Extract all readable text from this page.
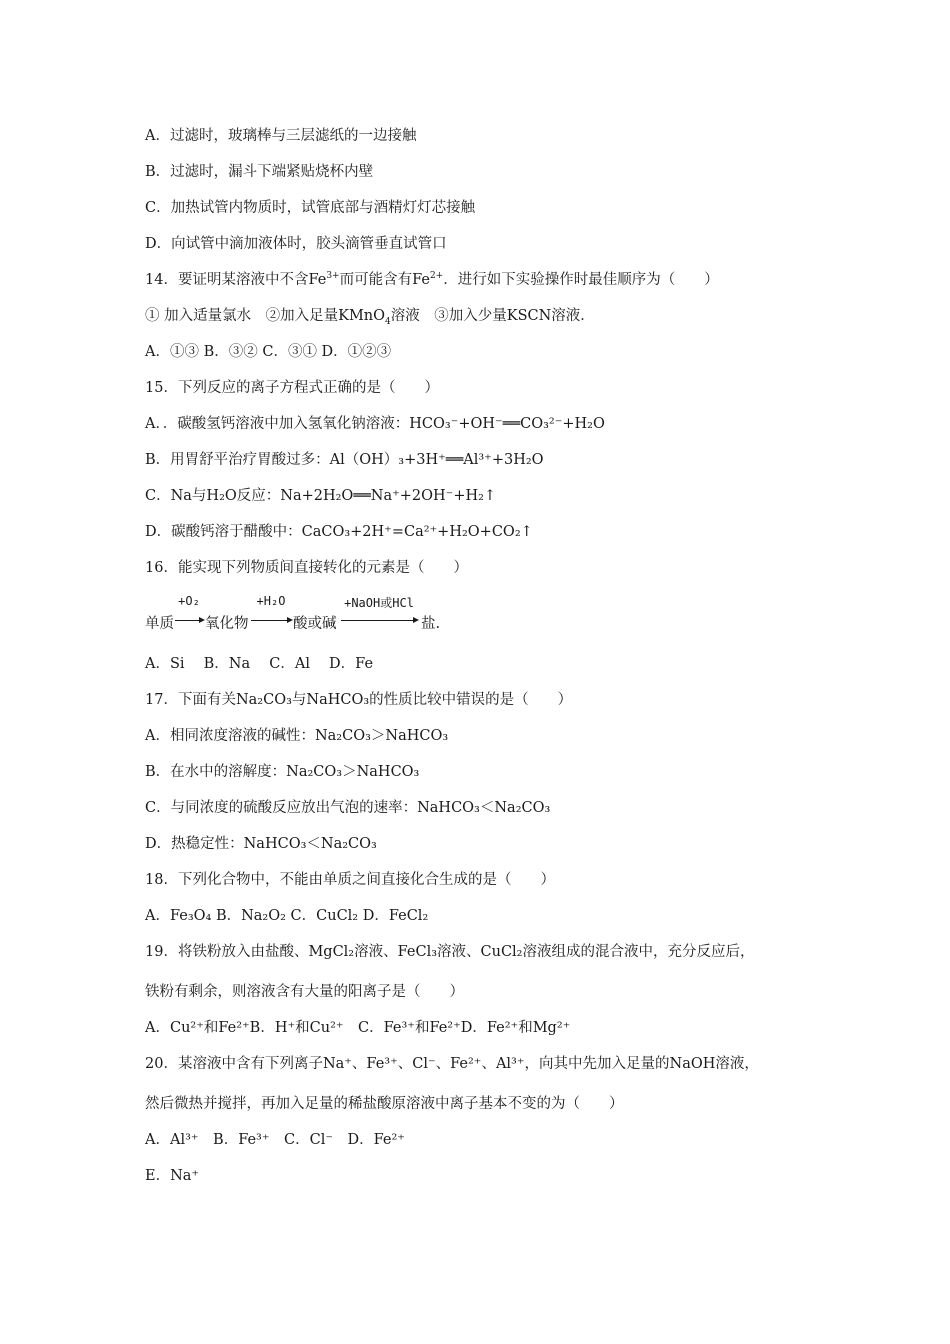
A．过滤时，玻璃棒与三层滤纸的一边接触
B．过滤时，漏斗下端紧贴烧杯内壁
C．加热试管内物质时，试管底部与酒精灯灯芯接触
D．向试管中滴加液体时，胶头滴管垂直试管口
14．要证明某溶液中不含$Fe^{3+}$而可能含有$Fe^{2+}$．进行如下实验操作时最佳顺序为（　　）
① 加入适量氯水　②加入足量KMnO$_4$溶液　③加入少量KSCN溶液．
A．①③ B．③② C．③① D．①②③
15．下列反应的离子方程式正确的是（　　）
A．．碳酸氢钙溶液中加入氢氧化钠溶液：HCO₃⁻+OH⁻══CO₃²⁻+H₂O
B．用胃舒平治疗胃酸过多：Al（OH）₃+3H⁺══Al³⁺+3H₂O
C．Na与H₂O反应：Na+2H₂O══Na⁺+2OH⁻+H₂↑
D．碳酸钙溶于醋酸中：CaCO₃+2H⁺=Ca²⁺+H₂O+CO₂↑
16．能实现下列物质间直接转化的元素是（　　）
单质
+O₂
氧化物
+H₂O
酸或碱
+NaOH或HCl
盐.
A．Si　 B．Na　 C．Al　 D．Fe
17．下面有关Na₂CO₃与NaHCO₃的性质比较中错误的是（　　）
A．相同浓度溶液的碱性：Na₂CO₃＞NaHCO₃
B．在水中的溶解度：Na₂CO₃＞NaHCO₃
C．与同浓度的硫酸反应放出气泡的速率：NaHCO₃＜Na₂CO₃
D．热稳定性：NaHCO₃＜Na₂CO₃
18．下列化合物中，不能由单质之间直接化合生成的是（　　）
A．Fe₃O₄ B．Na₂O₂ C．CuCl₂ D．FeCl₂
19．将铁粉放入由盐酸、MgCl₂溶液、FeCl₃溶液、CuCl₂溶液组成的混合液中，充分反应后，
铁粉有剩余，则溶液含有大量的阳离子是（　　）
A．Cu²⁺和Fe²⁺B．H⁺和Cu²⁺　C．Fe³⁺和Fe²⁺D．Fe²⁺和Mg²⁺
20．某溶液中含有下列离子Na⁺、Fe³⁺、Cl⁻、Fe²⁺、Al³⁺，向其中先加入足量的NaOH溶液，
然后微热并搅拌，再加入足量的稀盐酸原溶液中离子基本不变的为（　　）
A．Al³⁺　B．Fe³⁺　C．Cl⁻　D．Fe²⁺
E．Na⁺
